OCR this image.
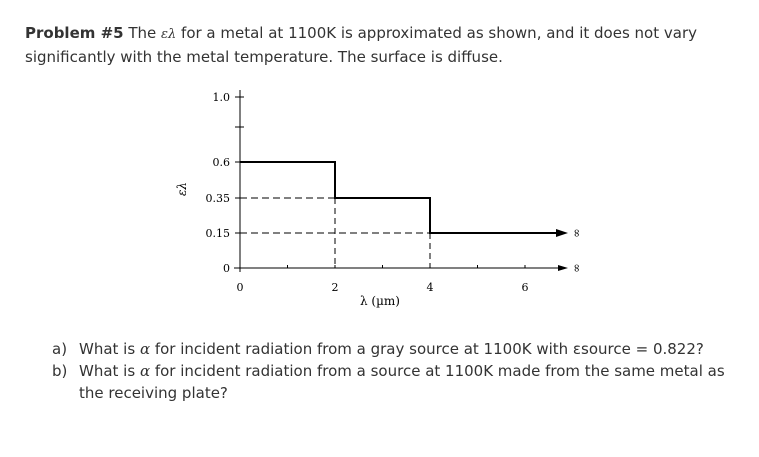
Problem #5 The ελ for a metal at 1100K is approximated as shown, and it does not vary significantly with the metal temperature. The surface is diffuse.

0
0.15
0.35
0.6
1.0
0	2	4	6
∞
∞
λ (µm)
ελ
a) What is α for incident radiation from a gray source at 1100K with εsource = 0.822?
b) What is α for incident radiation from a source at 1100K made from the same metal as the receiving plate?
